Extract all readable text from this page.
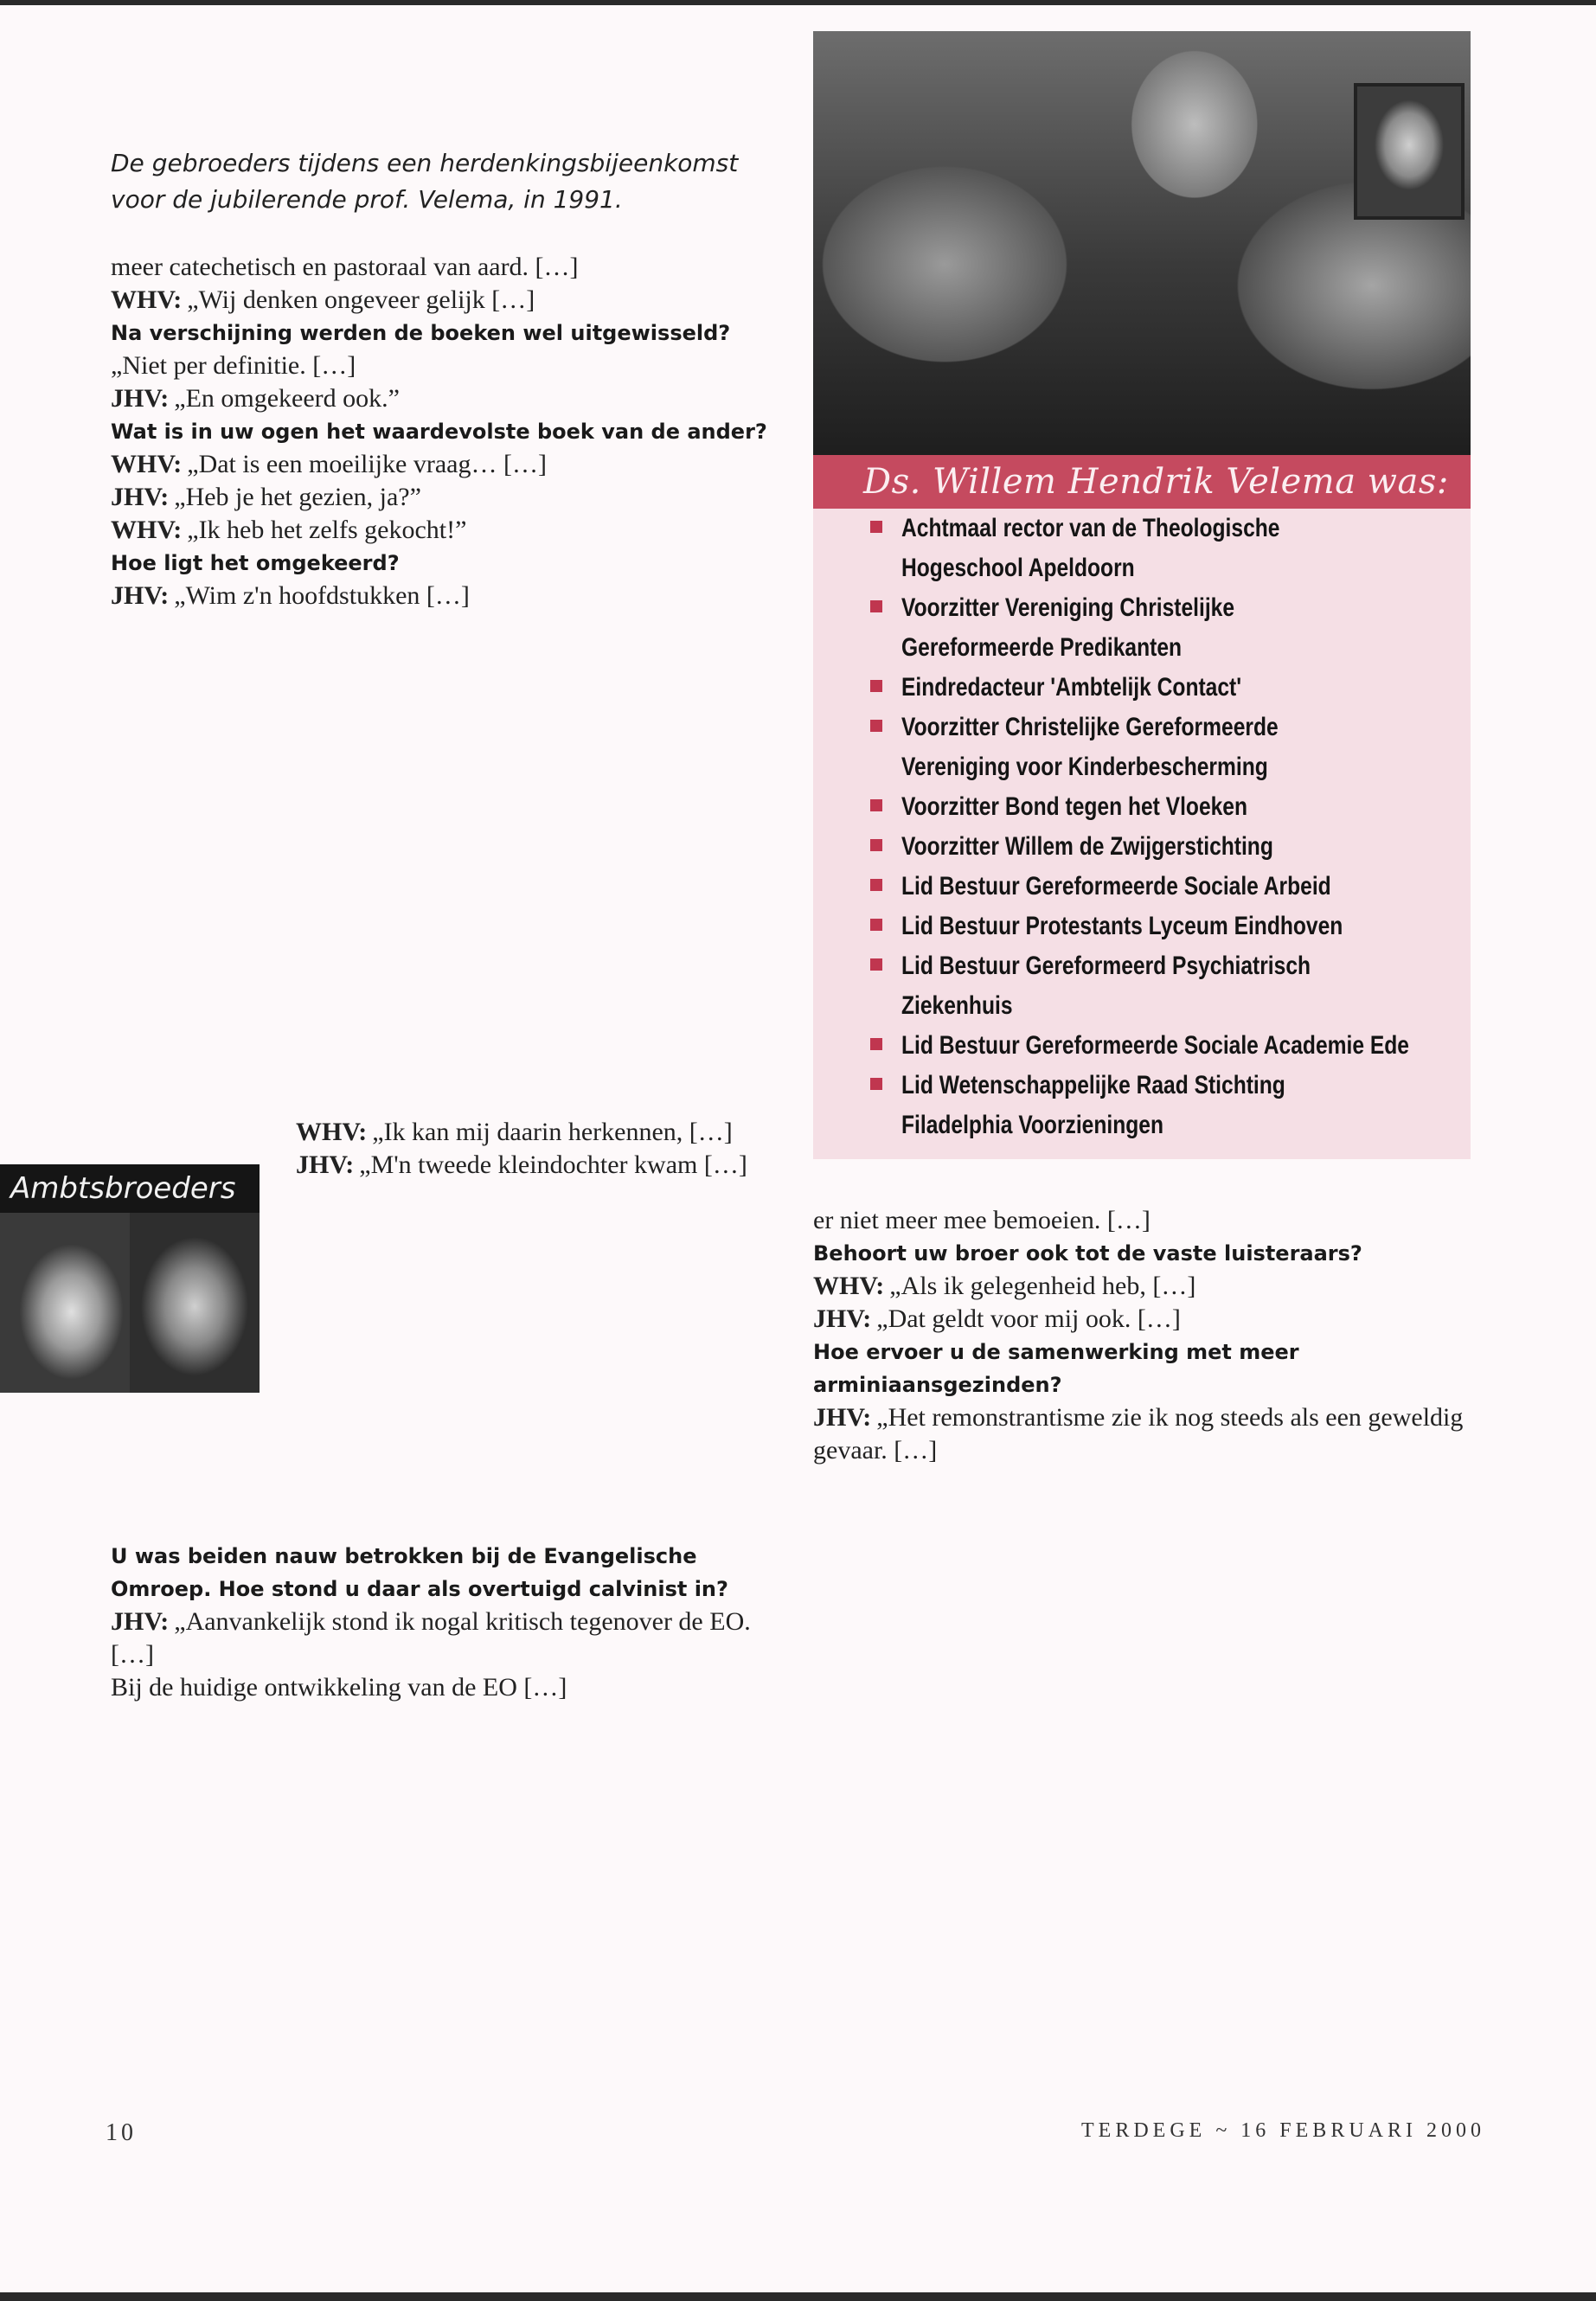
De gebroeders tijdens een herdenkingsbijeenkomst voor de jubilerende prof. Velema, in 1991.
Ds. Willem Hendrik Velema was:
Achtmaal rector van de Theologische
Hogeschool Apeldoorn
Voorzitter Vereniging Christelijke
Gereformeerde Predikanten
Eindredacteur 'Ambtelijk Contact'
Voorzitter Christelijke Gereformeerde
Vereniging voor Kinderbescherming
Voorzitter Bond tegen het Vloeken
Voorzitter Willem de Zwijgerstichting
Lid Bestuur Gereformeerde Sociale Arbeid
Lid Bestuur Protestants Lyceum Eindhoven
Lid Bestuur Gereformeerd Psychiatrisch
Ziekenhuis
Lid Bestuur Gereformeerde Sociale Academie Ede
Lid Wetenschappelijke Raad Stichting
Filadelphia Voorzieningen

meer catechetisch en pastoraal van aard. […]

WHV: „Wij denken ongeveer gelijk […]

Na verschijning werden de boeken wel uitgewisseld?

„Niet per definitie. […]

JHV: „En omgekeerd ook.”

Wat is in uw ogen het waardevolste boek van de ander?

WHV: „Dat is een moeilijke vraag… […]

JHV: „Heb je het gezien, ja?”

WHV: „Ik heb het zelfs gekocht!”

Hoe ligt het omgekeerd?

JHV: „Wim z'n hoofdstukken […]

WHV: „Ik kan mij daarin herkennen, […]

JHV: „M'n tweede kleindochter kwam […]

Ambtsbroeders

U was beiden nauw betrokken bij de Evangelische Omroep. Hoe stond u daar als overtuigd calvinist in?

JHV: „Aanvankelijk stond ik nogal kritisch tegenover de EO. […]

Bij de huidige ontwikkeling van de EO […]

er niet meer mee bemoeien. […]

Behoort uw broer ook tot de vaste luisteraars?

WHV: „Als ik gelegenheid heb, […]

JHV: „Dat geldt voor mij ook. […]

Hoe ervoer u de samenwerking met meer arminiaansgezinden?

JHV: „Het remonstrantisme zie ik nog steeds als een geweldig gevaar. […]

10	TERDEGE ~ 16 FEBRUARI 2000
